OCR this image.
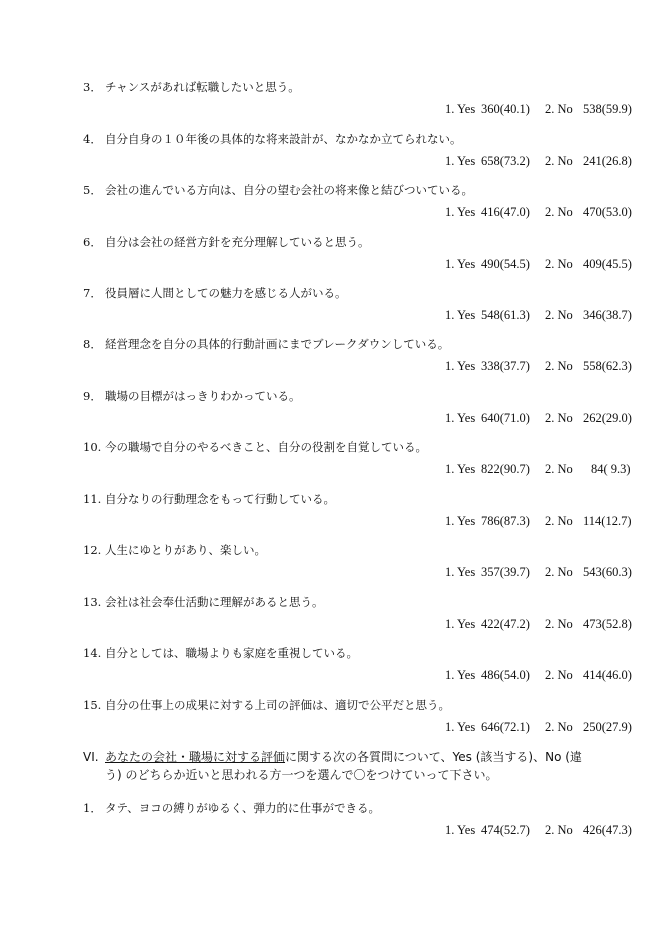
3． チャンスがあれば転職したいと思う。
1. Yes 360(40.1) 2. No 538(59.9)
4． 自分自身の１０年後の具体的な将来設計が、なかなか立てられない。
1. Yes 658(73.2) 2. No 241(26.8)
5． 会社の進んでいる方向は、自分の望む会社の将来像と結びついている。
1. Yes 416(47.0) 2. No 470(53.0)
6． 自分は会社の経営方針を充分理解していると思う。
1. Yes 490(54.5) 2. No 409(45.5)
7． 役員層に人間としての魅力を感じる人がいる。
1. Yes 548(61.3) 2. No 346(38.7)
8． 経営理念を自分の具体的行動計画にまでブレークダウンしている。
1. Yes 338(37.7) 2. No 558(62.3)
9． 職場の目標がはっきりわかっている。
1. Yes 640(71.0) 2. No 262(29.0)
10. 今の職場で自分のやるべきこと、自分の役割を自覚している。
1. Yes 822(90.7) 2. No 84( 9.3)
11. 自分なりの行動理念をもって行動している。
1. Yes 786(87.3) 2. No 114(12.7)
12. 人生にゆとりがあり、楽しい。
1. Yes 357(39.7) 2. No 543(60.3)
13. 会社は社会奉仕活動に理解があると思う。
1. Yes 422(47.2) 2. No 473(52.8)
14. 自分としては、職場よりも家庭を重視している。
1. Yes 486(54.0) 2. No 414(46.0)
15. 自分の仕事上の成果に対する上司の評価は、適切で公平だと思う。
1. Yes 646(72.1) 2. No 250(27.9)
VI. あなたの会社・職場に対する評価に関する次の各質問について、Yes (該当する)、No (違
う) のどちらか近いと思われる方一つを選んで〇をつけていって下さい。
1． タテ、ヨコの縛りがゆるく、弾力的に仕事ができる。
1. Yes 474(52.7) 2. No 426(47.3)
